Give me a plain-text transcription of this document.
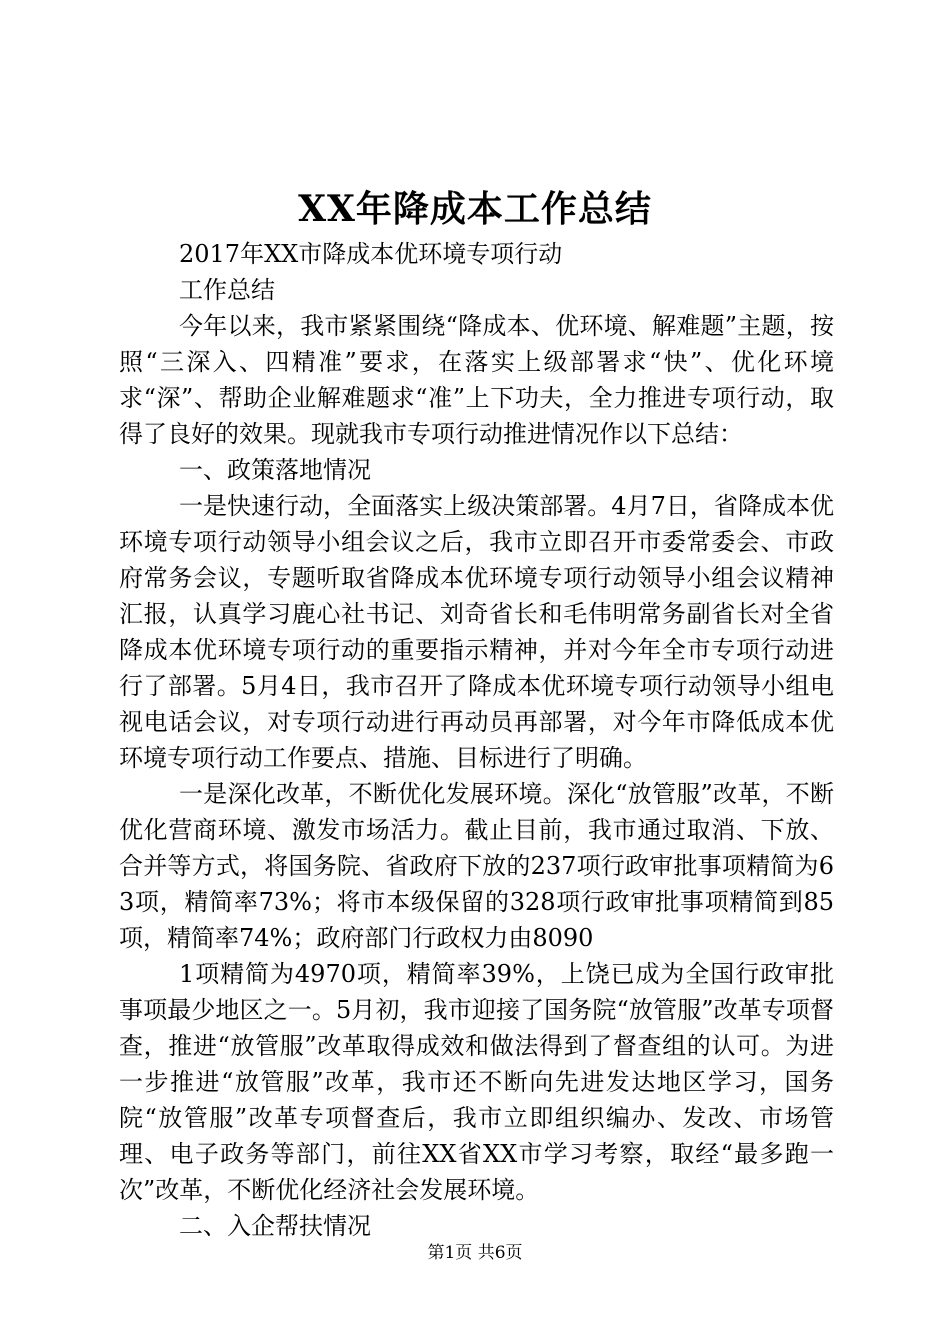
XX年降成本工作总结

2017年XX市降成本优环境专项行动

工作总结

今年以来，我市紧紧围绕“降成本、优环境、解难题”主题，按照“三深入、四精准”要求，在落实上级部署求“快”、优化环境求“深”、帮助企业解难题求“准”上下功夫，全力推进专项行动，取得了良好的效果。现就我市专项行动推进情况作以下总结：

一、政策落地情况

一是快速行动，全面落实上级决策部署。4月7日，省降成本优环境专项行动领导小组会议之后，我市立即召开市委常委会、市政府常务会议，专题听取省降成本优环境专项行动领导小组会议精神汇报，认真学习鹿心社书记、刘奇省长和毛伟明常务副省长对全省降成本优环境专项行动的重要指示精神，并对今年全市专项行动进行了部署。5月4日，我市召开了降成本优环境专项行动领导小组电视电话会议，对专项行动进行再动员再部署，对今年市降低成本优环境专项行动工作要点、措施、目标进行了明确。

一是深化改革，不断优化发展环境。深化“放管服”改革，不断优化营商环境、激发市场活力。截止目前，我市通过取消、下放、合并等方式，将国务院、省政府下放的237项行政审批事项精简为63项，精简率73%；将市本级保留的328项行政审批事项精简到85项，精简率74%；政府部门行政权力由8090

1项精简为4970项，精简率39%，上饶已成为全国行政审批事项最少地区之一。5月初，我市迎接了国务院“放管服”改革专项督查，推进“放管服”改革取得成效和做法得到了督查组的认可。为进一步推进“放管服”改革，我市还不断向先进发达地区学习，国务院“放管服”改革专项督查后，我市立即组织编办、发改、市场管理、电子政务等部门，前往XX省XX市学习考察，取经“最多跑一次”改革，不断优化经济社会发展环境。

二、入企帮扶情况

第1页 共6页
